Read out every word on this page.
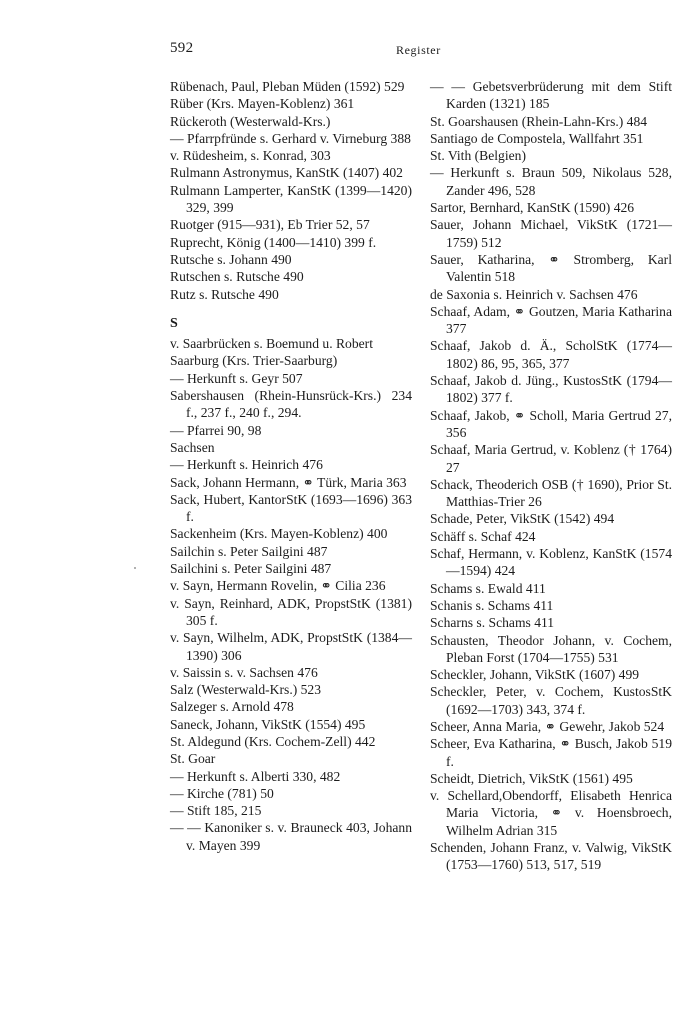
592	Register

Rübenach, Paul, Pleban Müden (1592) 529

Rüber (Krs. Mayen-Koblenz) 361

Rückeroth (Westerwald-Krs.)

— Pfarrpfründe s. Gerhard v. Virneburg 388

v. Rüdesheim, s. Konrad, 303

Rulmann Astronymus, KanStK (1407) 402

Rulmann Lamperter, KanStK (1399—1420) 329, 399

Ruotger (915—931), Eb Trier 52, 57

Ruprecht, König (1400—1410) 399 f.

Rutsche s. Johann 490

Rutschen s. Rutsche 490

Rutz s. Rutsche 490

S

v. Saarbrücken s. Boemund u. Robert

Saarburg (Krs. Trier-Saarburg)

— Herkunft s. Geyr 507

Sabershausen (Rhein-Hunsrück-Krs.) 234 f., 237 f., 240 f., 294.

— Pfarrei 90, 98

Sachsen

— Herkunft s. Heinrich 476

Sack, Johann Hermann, ⚭ Türk, Maria 363

Sack, Hubert, KantorStK (1693—1696) 363 f.

Sackenheim (Krs. Mayen-Koblenz) 400

Sailchin s. Peter Sailgini 487

Sailchini s. Peter Sailgini 487

v. Sayn, Hermann Rovelin, ⚭ Cilia 236

v. Sayn, Reinhard, ADK, PropstStK (1381) 305 f.

v. Sayn, Wilhelm, ADK, PropstStK (1384—1390) 306

v. Saissin s. v. Sachsen 476

Salz (Westerwald-Krs.) 523

Salzeger s. Arnold 478

Saneck, Johann, VikStK (1554) 495

St. Aldegund (Krs. Cochem-Zell) 442

St. Goar

— Herkunft s. Alberti 330, 482

— Kirche (781) 50

— Stift 185, 215

— — Kanoniker s. v. Brauneck 403, Johann v. Mayen 399

— — Gebetsverbrüderung mit dem Stift Karden (1321) 185

St. Goarshausen (Rhein-Lahn-Krs.) 484

Santiago de Compostela, Wallfahrt 351

St. Vith (Belgien)

— Herkunft s. Braun 509, Nikolaus 528, Zander 496, 528

Sartor, Bernhard, KanStK (1590) 426

Sauer, Johann Michael, VikStK (1721—1759) 512

Sauer, Katharina, ⚭ Stromberg, Karl Valentin 518

de Saxonia s. Heinrich v. Sachsen 476

Schaaf, Adam, ⚭ Goutzen, Maria Katharina 377

Schaaf, Jakob d. Ä., ScholStK (1774—1802) 86, 95, 365, 377

Schaaf, Jakob d. Jüng., KustosStK (1794—1802) 377 f.

Schaaf, Jakob, ⚭ Scholl, Maria Gertrud 27, 356

Schaaf, Maria Gertrud, v. Koblenz († 1764) 27

Schack, Theoderich OSB († 1690), Prior St. Matthias-Trier 26

Schade, Peter, VikStK (1542) 494

Schäff s. Schaf 424

Schaf, Hermann, v. Koblenz, KanStK (1574—1594) 424

Schams s. Ewald 411

Schanis s. Schams 411

Scharns s. Schams 411

Schausten, Theodor Johann, v. Cochem, Pleban Forst (1704—1755) 531

Scheckler, Johann, VikStK (1607) 499

Scheckler, Peter, v. Cochem, KustosStK (1692—1703) 343, 374 f.

Scheer, Anna Maria, ⚭ Gewehr, Jakob 524

Scheer, Eva Katharina, ⚭ Busch, Jakob 519 f.

Scheidt, Dietrich, VikStK (1561) 495

v. Schellard,Obendorff, Elisabeth Henrica Maria Victoria, ⚭ v. Hoensbroech, Wilhelm Adrian 315

Schenden, Johann Franz, v. Valwig, VikStK (1753—1760) 513, 517, 519
